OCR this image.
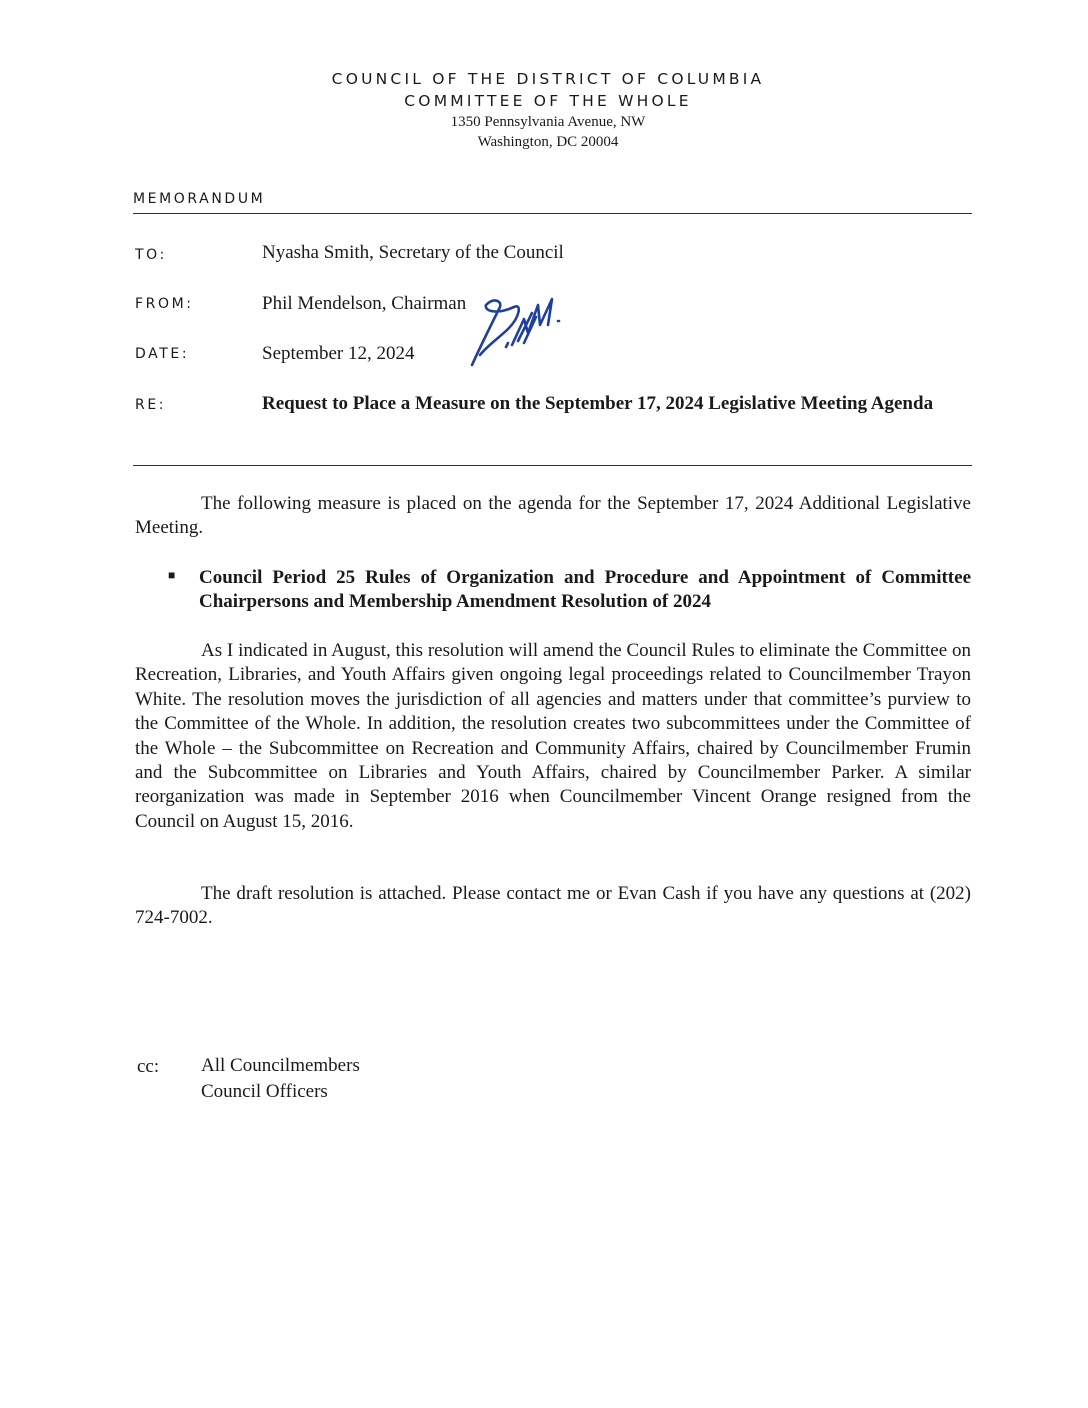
COUNCIL OF THE DISTRICT OF COLUMBIA

COMMITTEE OF THE WHOLE

1350 Pennsylvania Avenue, NW

Washington, DC 20004

MEMORANDUM
TO:	Nyasha Smith, Secretary of the Council
FROM:	Phil Mendelson, Chairman
DATE:	September 12, 2024
RE:	Request to Place a Measure on the September 17, 2024 Legislative Meeting Agenda

The following measure is placed on the agenda for the September 17, 2024 Additional Legislative Meeting.

■ Council Period 25 Rules of Organization and Procedure and Appointment of Committee Chairpersons and Membership Amendment Resolution of 2024

As I indicated in August, this resolution will amend the Council Rules to eliminate the Committee on Recreation, Libraries, and Youth Affairs given ongoing legal proceedings related to Councilmember Trayon White. The resolution moves the jurisdiction of all agencies and matters under that committee’s purview to the Committee of the Whole. In addition, the resolution creates two subcommittees under the Committee of the Whole – the Subcommittee on Recreation and Community Affairs, chaired by Councilmember Frumin and the Subcommittee on Libraries and Youth Affairs, chaired by Councilmember Parker. A similar reorganization was made in September 2016 when Councilmember Vincent Orange resigned from the Council on August 15, 2016.

The draft resolution is attached. Please contact me or Evan Cash if you have any questions at (202) 724-7002.

cc: All Councilmembers
Council Officers
